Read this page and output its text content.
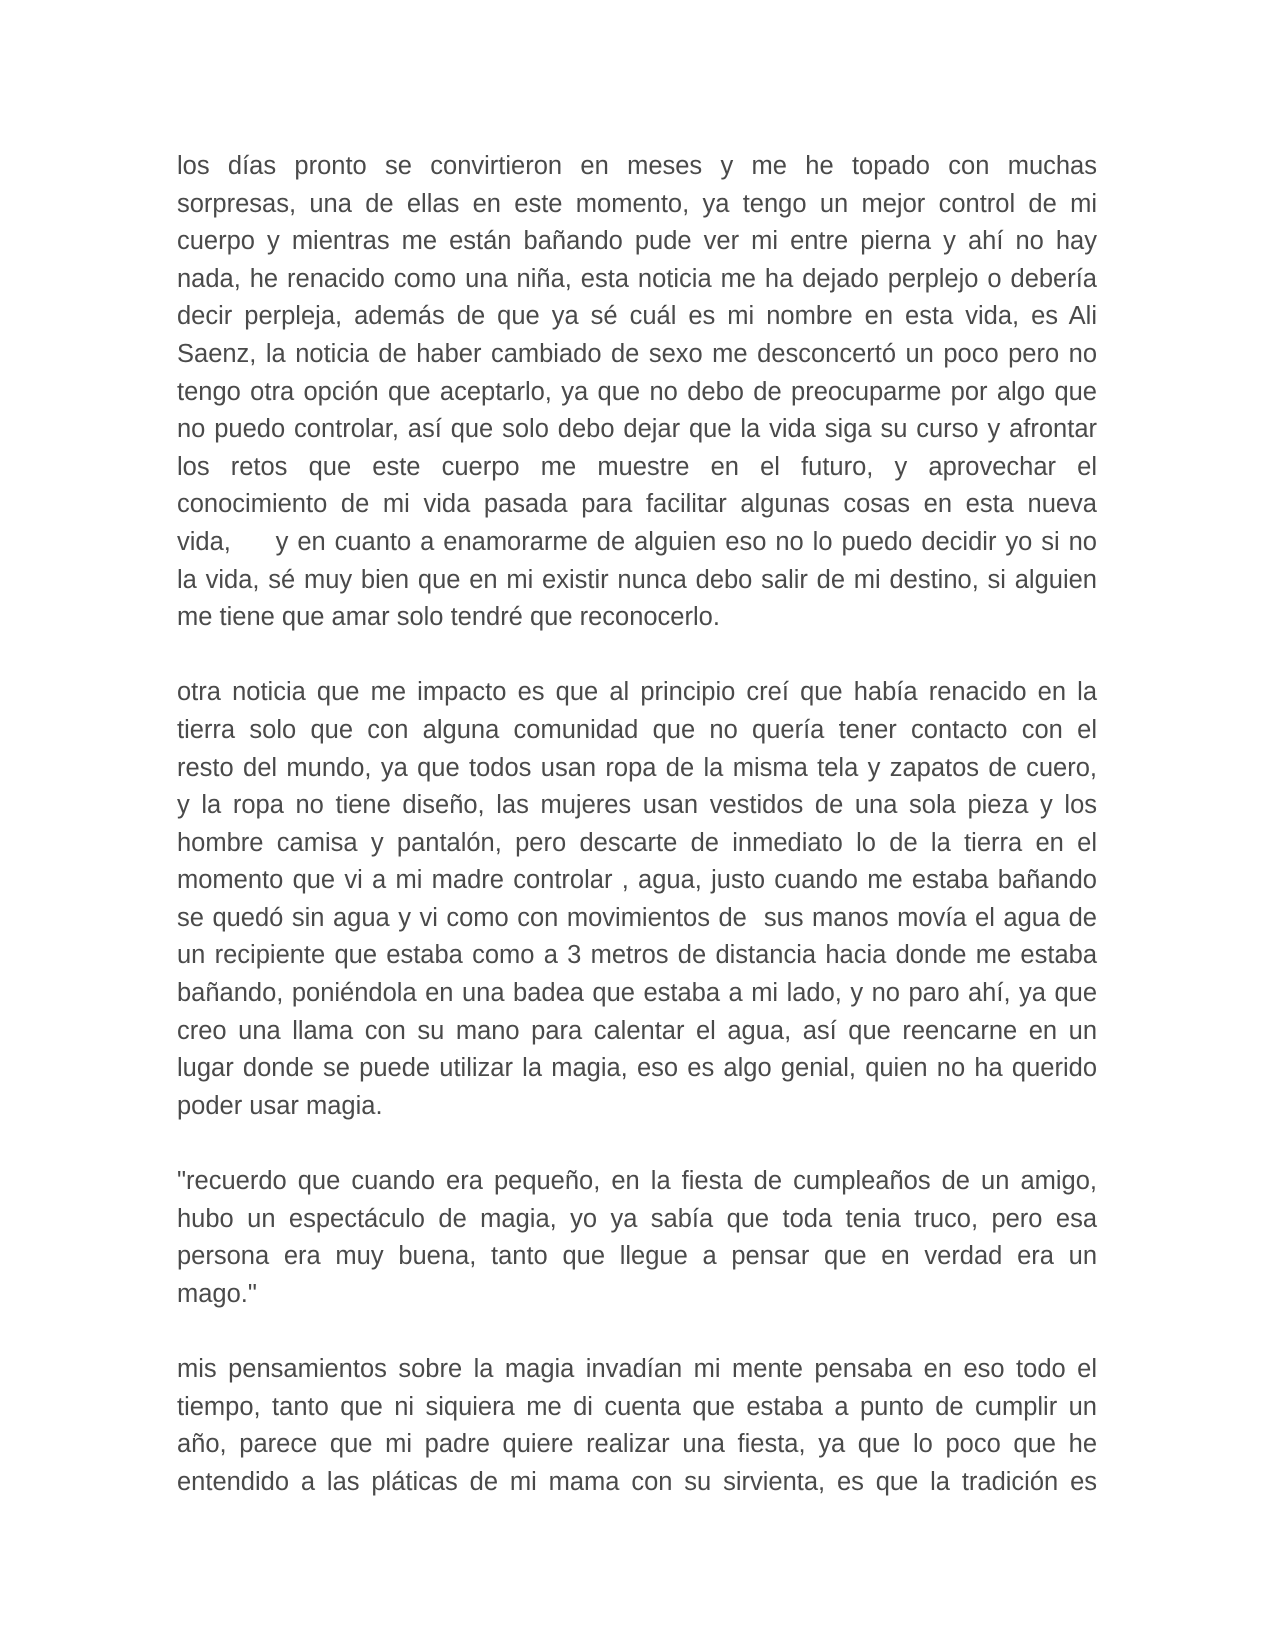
los días pronto se convirtieron en meses y me he topado con muchas
sorpresas, una de ellas en este momento, ya tengo un mejor control de mi
cuerpo y mientras me están bañando pude ver mi entre pierna y ahí no hay
nada, he renacido como una niña, esta noticia me ha dejado perplejo o debería
decir perpleja, además de que ya sé cuál es mi nombre en esta vida, es Ali
Saenz, la noticia de haber cambiado de sexo me desconcertó un poco pero no
tengo otra opción que aceptarlo, ya que no debo de preocuparme por algo que
no puedo controlar, así que solo debo dejar que la vida siga su curso y afrontar
los retos que este cuerpo me muestre en el futuro, y aprovechar el
conocimiento de mi vida pasada para facilitar algunas cosas en esta nueva
vida,     y en cuanto a enamorarme de alguien eso no lo puedo decidir yo si no
la vida, sé muy bien que en mi existir nunca debo salir de mi destino, si alguien
me tiene que amar solo tendré que reconocerlo.
otra noticia que me impacto es que al principio creí que había renacido en la
tierra solo que con alguna comunidad que no quería tener contacto con el
resto del mundo, ya que todos usan ropa de la misma tela y zapatos de cuero,
y la ropa no tiene diseño, las mujeres usan vestidos de una sola pieza y los
hombre camisa y pantalón, pero descarte de inmediato lo de la tierra en el
momento que vi a mi madre controlar , agua, justo cuando me estaba bañando
se quedó sin agua y vi como con movimientos de  sus manos movía el agua de
un recipiente que estaba como a 3 metros de distancia hacia donde me estaba
bañando, poniéndola en una badea que estaba a mi lado, y no paro ahí, ya que
creo una llama con su mano para calentar el agua, así que reencarne en un
lugar donde se puede utilizar la magia, eso es algo genial, quien no ha querido
poder usar magia.
"recuerdo que cuando era pequeño, en la fiesta de cumpleaños de un amigo,
hubo un espectáculo de magia, yo ya sabía que toda tenia truco, pero esa
persona era muy buena, tanto que llegue a pensar que en verdad era un
mago."
mis pensamientos sobre la magia invadían mi mente pensaba en eso todo el
tiempo, tanto que ni siquiera me di cuenta que estaba a punto de cumplir un
año, parece que mi padre quiere realizar una fiesta, ya que lo poco que he
entendido a las pláticas de mi mama con su sirvienta, es que la tradición es
